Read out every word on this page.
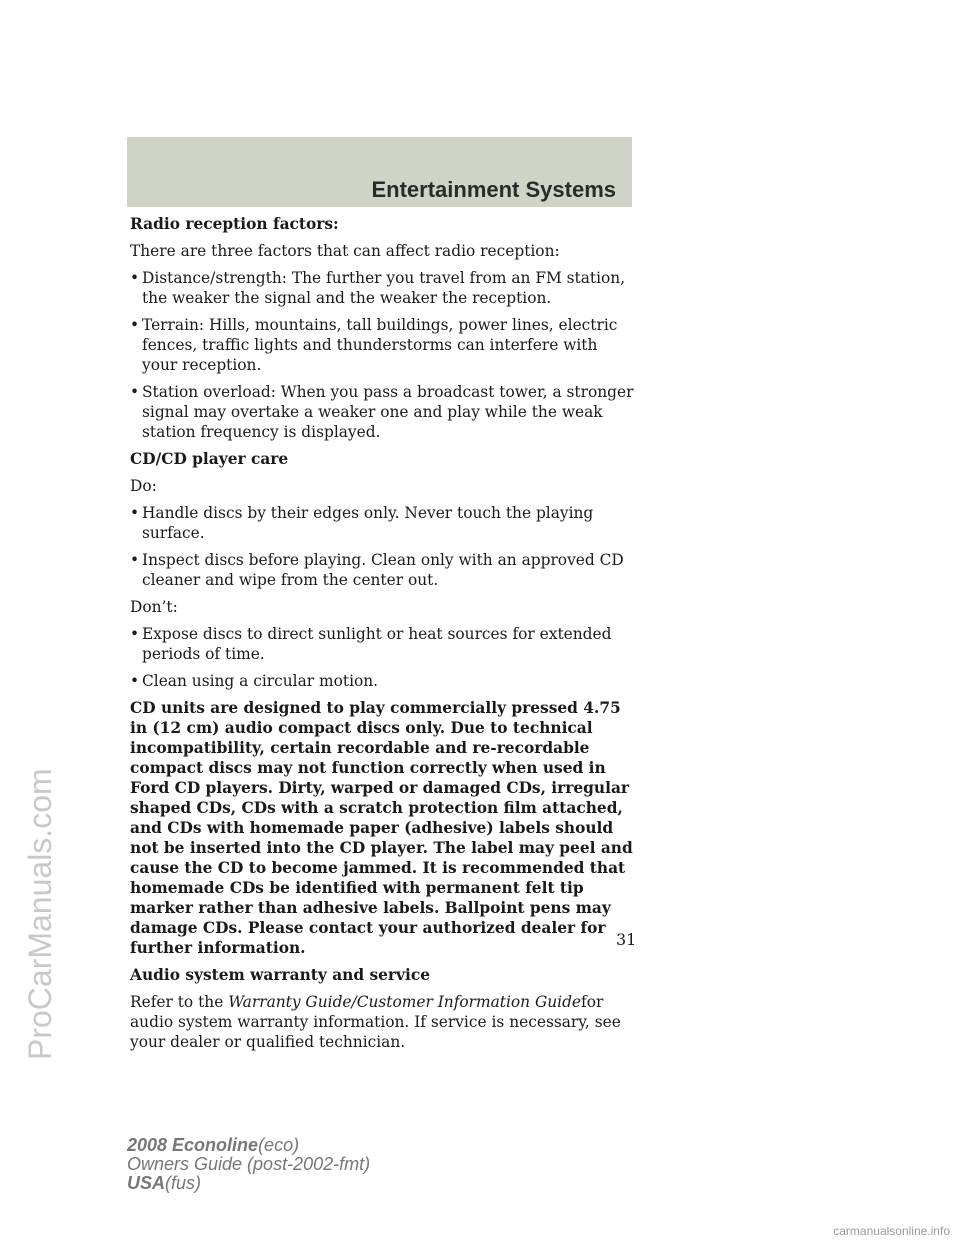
Entertainment Systems

Radio reception factors:

There are three factors that can affect radio reception:

• Distance/strength: The further you travel from an FM station, the weaker the signal and the weaker the reception.
• Terrain: Hills, mountains, tall buildings, power lines, electric fences, traffic lights and thunderstorms can interfere with your reception.
• Station overload: When you pass a broadcast tower, a stronger signal may overtake a weaker one and play while the weak station frequency is displayed.

CD/CD player care

Do:

• Handle discs by their edges only. Never touch the playing surface.
• Inspect discs before playing. Clean only with an approved CD cleaner and wipe from the center out.

Don’t:

• Expose discs to direct sunlight or heat sources for extended periods of time.
• Clean using a circular motion.

CD units are designed to play commercially pressed 4.75 in (12 cm) audio compact discs only. Due to technical incompatibility, certain recordable and re-recordable compact discs may not function correctly when used in Ford CD players. Dirty, warped or damaged CDs, irregular shaped CDs, CDs with a scratch protection film attached, and CDs with homemade paper (adhesive) labels should not be inserted into the CD player. The label may peel and cause the CD to become jammed. It is recommended that homemade CDs be identified with permanent felt tip marker rather than adhesive labels. Ballpoint pens may damage CDs. Please contact your authorized dealer for further information.

Audio system warranty and service

Refer to the Warranty Guide/Customer Information Guidefor audio system warranty information. If service is necessary, see your dealer or qualified technician.

31
2008 Econoline(eco)
Owners Guide (post-2002-fmt)
USA(fus)
ProCarManuals.com
carmanualsonline.info
